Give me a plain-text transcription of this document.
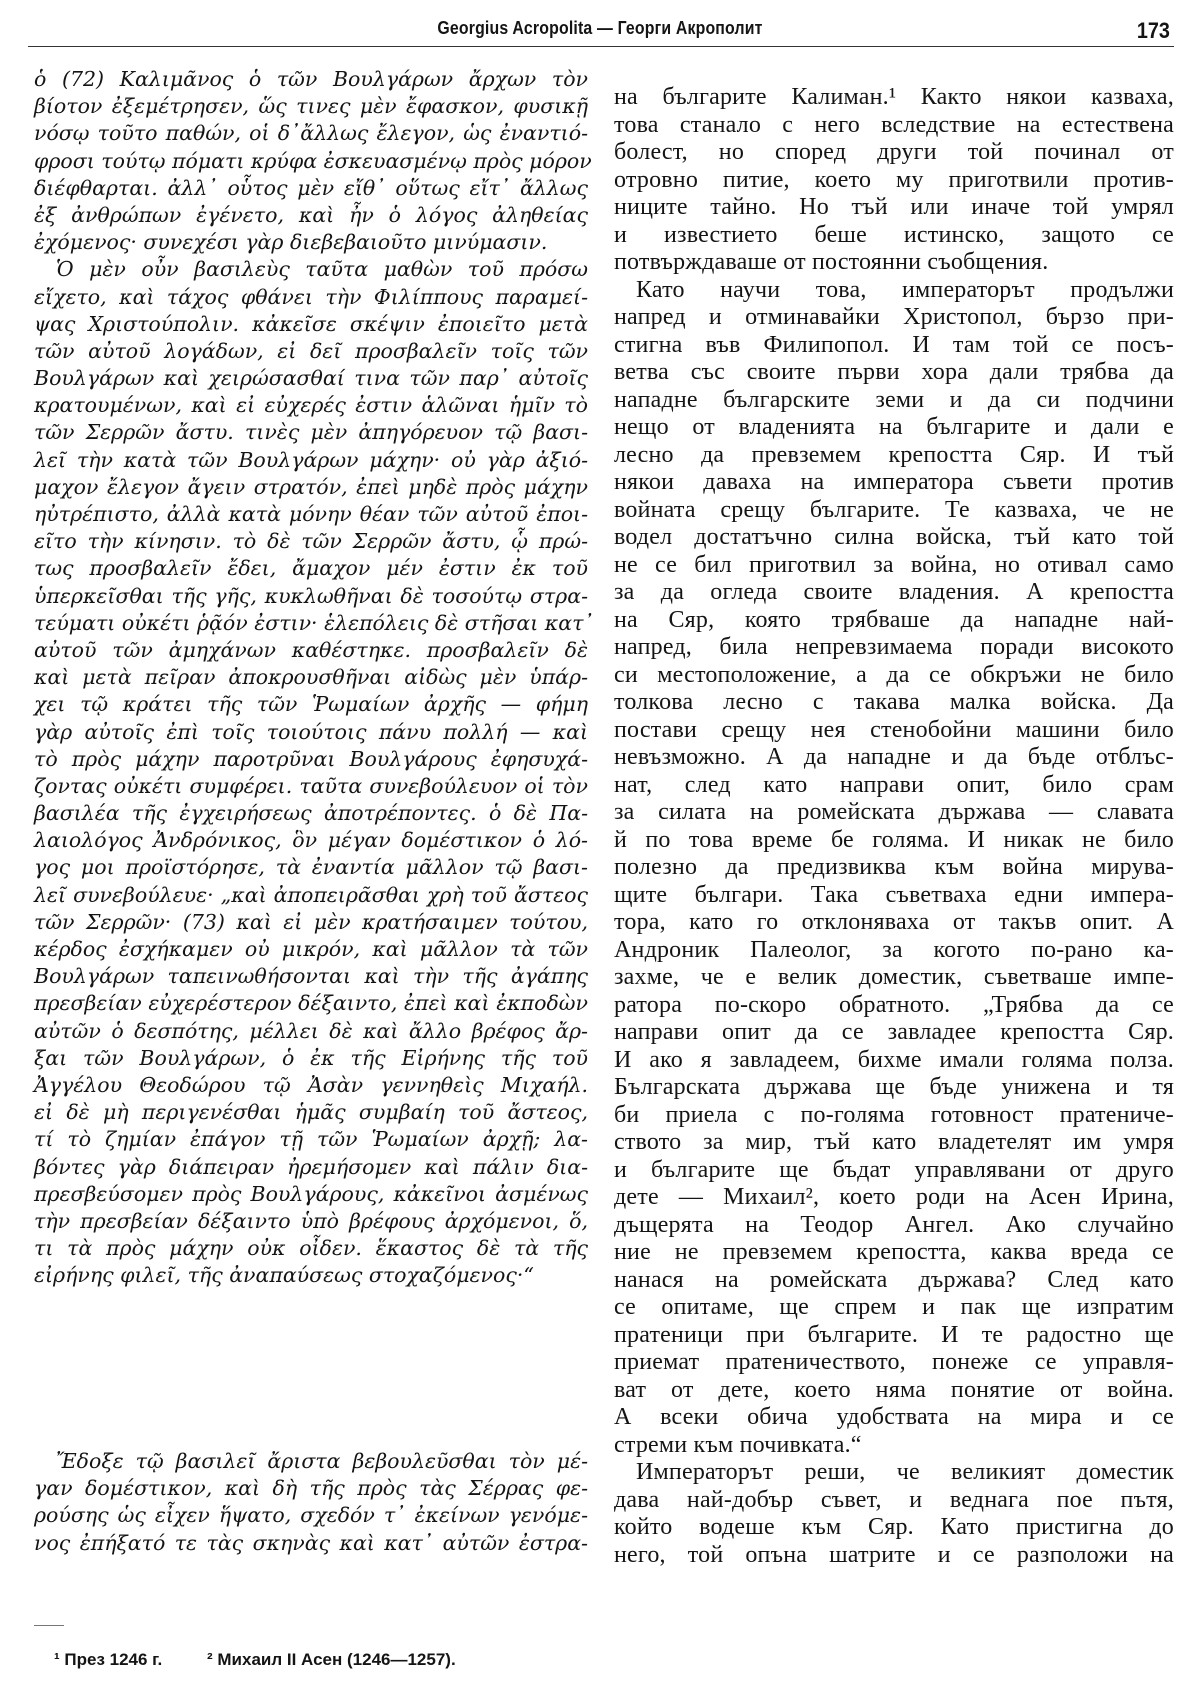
Georgius Acropolita — Георги Акрополит	173
ὁ (72) Καλιμᾶνος ὁ τῶν Βουλγάρων ἄρχων τὸν
βίοτον ἐξεμέτρησεν, ὥς τινες μὲν ἔφασκον, φυσικῇ
νόσῳ τοῦτο παθών, οἱ δ᾽ἄλλως ἔλεγον, ὡς ἐναντιό-
φροσι τούτῳ πόματι κρύφα ἐσκευασμένῳ πρὸς μόρον
διέφθαρται. ἀλλ᾽ οὗτος μὲν εἴθ᾽ οὕτως εἴτ᾽ ἄλλως
ἐξ ἀνθρώπων ἐγένετο, καὶ ἦν ὁ λόγος ἀληθείας
ἐχόμενος· συνεχέσι γὰρ διεβεβαιοῦτο μινύμασιν.
Ὁ μὲν οὖν βασιλεὺς ταῦτα μαθὼν τοῦ πρόσω
εἴχετο, καὶ τάχος φθάνει τὴν Φιλίππους παραμεί-
ψας Χριστούπολιν. κἀκεῖσε σκέψιν ἐποιεῖτο μετὰ
τῶν αὐτοῦ λογάδων, εἰ δεῖ προσβαλεῖν τοῖς τῶν
Βουλγάρων καὶ χειρώσασθαί τινα τῶν παρ᾽ αὐτοῖς
κρατουμένων, καὶ εἰ εὐχερές ἐστιν ἁλῶναι ἡμῖν τὸ
τῶν Σερρῶν ἄστυ. τινὲς μὲν ἀπηγόρευον τῷ βασι-
λεῖ τὴν κατὰ τῶν Βουλγάρων μάχην· οὐ γὰρ ἀξιό-
μαχον ἔλεγον ἄγειν στρατόν, ἐπεὶ μηδὲ πρὸς μάχην
ηὐτρέπιστο, ἀλλὰ κατὰ μόνην θέαν τῶν αὐτοῦ ἐποι-
εῖτο τὴν κίνησιν. τὸ δὲ τῶν Σερρῶν ἄστυ, ᾧ πρώ-
τως προσβαλεῖν ἔδει, ἄμαχον μέν ἐστιν ἐκ τοῦ
ὑπερκεῖσθαι τῆς γῆς, κυκλωθῆναι δὲ τοσούτῳ στρα-
τεύματι οὐκέτι ῥᾷόν ἐστιν· ἑλεπόλεις δὲ στῆσαι κατ᾽
αὐτοῦ τῶν ἀμηχάνων καθέστηκε. προσβαλεῖν δὲ
καὶ μετὰ πεῖραν ἀποκρουσθῆναι αἰδὼς μὲν ὑπάρ-
χει τῷ κράτει τῆς τῶν Ῥωμαίων ἀρχῆς — φήμη
γὰρ αὐτοῖς ἐπὶ τοῖς τοιούτοις πάνυ πολλή — καὶ
τὸ πρὸς μάχην παροτρῦναι Βουλγάρους ἐφησυχά-
ζοντας οὐκέτι συμφέρει. ταῦτα συνεβούλευον οἱ τὸν
βασιλέα τῆς ἐγχειρήσεως ἀποτρέποντες. ὁ δὲ Πα-
λαιολόγος Ἀνδρόνικος, ὃν μέγαν δομέστικον ὁ λό-
γος μοι προϊστόρησε, τὰ ἐναντία μᾶλλον τῷ βασι-
λεῖ συνεβούλευε· „καὶ ἀποπειρᾶσθαι χρὴ τοῦ ἄστεος
τῶν Σερρῶν· (73) καὶ εἰ μὲν κρατήσαιμεν τούτου,
κέρδος ἐσχήκαμεν οὐ μικρόν, καὶ μᾶλλον τὰ τῶν
Βουλγάρων ταπεινωθήσονται καὶ τὴν τῆς ἀγάπης
πρεσβείαν εὐχερέστερον δέξαιντο, ἐπεὶ καὶ ἐκποδὼν
αὐτῶν ὁ δεσπότης, μέλλει δὲ καὶ ἄλλο βρέφος ἄρ-
ξαι τῶν Βουλγάρων, ὁ ἐκ τῆς Εἰρήνης τῆς τοῦ
Ἀγγέλου Θεοδώρου τῷ Ἀσὰν γεννηθεὶς Μιχαήλ.
εἰ δὲ μὴ περιγενέσθαι ἡμᾶς συμβαίη τοῦ ἄστεος,
τί τὸ ζημίαν ἐπάγον τῇ τῶν Ῥωμαίων ἀρχῇ; λα-
βόντες γὰρ διάπειραν ἠρεμήσομεν καὶ πάλιν δια-
πρεσβεύσομεν πρὸς Βουλγάρους, κἀκεῖνοι ἀσμένως
τὴν πρεσβείαν δέξαιντο ὑπὸ βρέφους ἀρχόμενοι, ὅ,
τι τὰ πρὸς μάχην οὐκ οἶδεν. ἕκαστος δὲ τὰ τῆς
εἰρήνης φιλεῖ, τῆς ἀναπαύσεως στοχαζόμενος·“
Ἔδοξε τῷ βασιλεῖ ἄριστα βεβουλεῦσθαι τὸν μέ-
γαν δομέστικον, καὶ δὴ τῆς πρὸς τὰς Σέρρας φε-
ρούσης ὡς εἶχεν ἥψατο, σχεδόν τ᾽ ἐκείνων γενόμε-
νος ἐπήξατό τε τὰς σκηνὰς καὶ κατ᾽ αὐτῶν ἐστρα-
на българите Калиман.¹ Както някои казваха,
това станало с него вследствие на естествена
болест, но според други той починал от
отровно питие, което му приготвили против-
ниците тайно. Но тъй или иначе той умрял
и известието беше истинско, защото се
потвърждаваше от постоянни съобщения.
Като научи това, императорът продължи
напред и отминавайки Христопол, бързо при-
стигна във Филипопол. И там той се посъ-
ветва със своите първи хора дали трябва да
нападне българските земи и да си подчини
нещо от владенията на българите и дали е
лесно да превземем крепостта Сяр. И тъй
някои даваха на императора съвети против
войната срещу българите. Те казваха, че не
водел достатъчно силна войска, тъй като той
не се бил приготвил за война, но отивал само
за да огледа своите владения. А крепостта
на Сяр, която трябваше да нападне най-
напред, била непревзимаема поради високото
си местоположение, а да се обкръжи не било
толкова лесно с такава малка войска. Да
постави срещу нея стенобойни машини било
невъзможно. А да нападне и да бъде отблъс-
нат, след като направи опит, било срам
за силата на ромейската държава — славата
й по това време бе голяма. И никак не било
полезно да предизвиква към война мирува-
щите българи. Така съветваха едни импера-
тора, като го отклоняваха от такъв опит. А
Андроник Палеолог, за когото по-рано ка-
захме, че е велик доместик, съветваше импе-
ратора по-скоро обратното. „Трябва да се
направи опит да се завладее крепостта Сяр.
И ако я завладеем, бихме имали голяма полза.
Българската държава ще бъде унижена и тя
би приела с по-голяма готовност пратениче-
ството за мир, тъй като владетелят им умря
и българите ще бъдат управлявани от друго
дете — Михаил², което роди на Асен Ирина,
дъщерята на Теодор Ангел. Ако случайно
ние не превземем крепостта, каква вреда се
нанася на ромейската държава? След като
се опитаме, ще спрем и пак ще изпратим
пратеници при българите. И те радостно ще
приемат пратеничеството, понеже се управля-
ват от дете, което няма понятие от война.
А всеки обича удобствата на мира и се
стреми към почивката.“
Императорът реши, че великият доместик
дава най-добър съвет, и веднага пое пътя,
който водеше към Сяр. Като пристигна до
него, той опъна шатрите и се разположи на
¹ През 1246 г.	² Михаил II Асен (1246—1257).
